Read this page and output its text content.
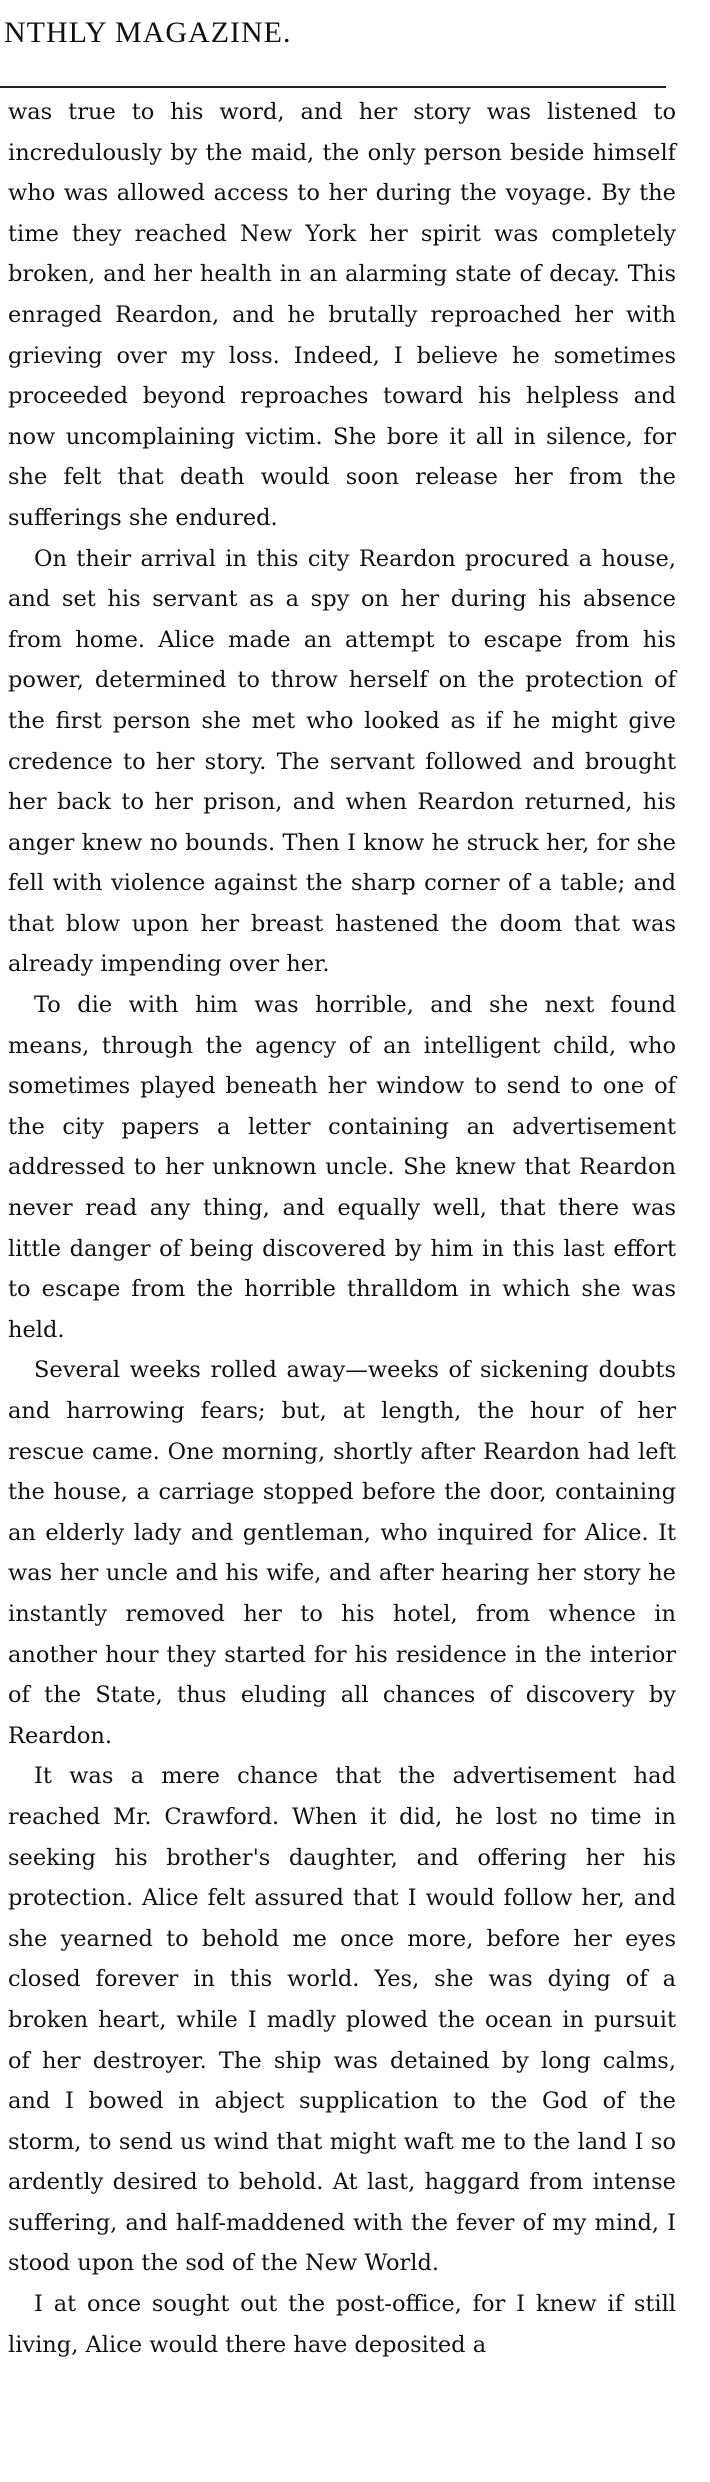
NTHLY MAGAZINE.

was true to his word, and her story was listened to incredulously by the maid, the only person beside himself who was allowed access to her during the voyage. By the time they reached New York her spirit was completely broken, and her health in an alarming state of decay. This enraged Reardon, and he brutally reproached her with grieving over my loss. Indeed, I believe he sometimes proceeded beyond reproaches toward his helpless and now uncomplaining victim. She bore it all in silence, for she felt that death would soon release her from the sufferings she endured.

On their arrival in this city Reardon procured a house, and set his servant as a spy on her during his absence from home. Alice made an attempt to escape from his power, determined to throw herself on the protection of the first person she met who looked as if he might give credence to her story. The servant followed and brought her back to her prison, and when Reardon returned, his anger knew no bounds. Then I know he struck her, for she fell with violence against the sharp corner of a table; and that blow upon her breast hastened the doom that was already impending over her.

To die with him was horrible, and she next found means, through the agency of an intelligent child, who sometimes played beneath her window to send to one of the city papers a letter containing an advertisement addressed to her unknown uncle. She knew that Reardon never read any thing, and equally well, that there was little danger of being discovered by him in this last effort to escape from the horrible thralldom in which she was held.

Several weeks rolled away—weeks of sickening doubts and harrowing fears; but, at length, the hour of her rescue came. One morning, shortly after Reardon had left the house, a carriage stopped before the door, containing an elderly lady and gentleman, who inquired for Alice. It was her uncle and his wife, and after hearing her story he instantly removed her to his hotel, from whence in another hour they started for his residence in the interior of the State, thus eluding all chances of discovery by Reardon.

It was a mere chance that the advertisement had reached Mr. Crawford. When it did, he lost no time in seeking his brother's daughter, and offering her his protection. Alice felt assured that I would follow her, and she yearned to behold me once more, before her eyes closed forever in this world. Yes, she was dying of a broken heart, while I madly plowed the ocean in pursuit of her destroyer. The ship was detained by long calms, and I bowed in abject supplication to the God of the storm, to send us wind that might waft me to the land I so ardently desired to behold. At last, haggard from intense suffering, and half-maddened with the fever of my mind, I stood upon the sod of the New World.

I at once sought out the post-office, for I knew if still living, Alice would there have deposited a
